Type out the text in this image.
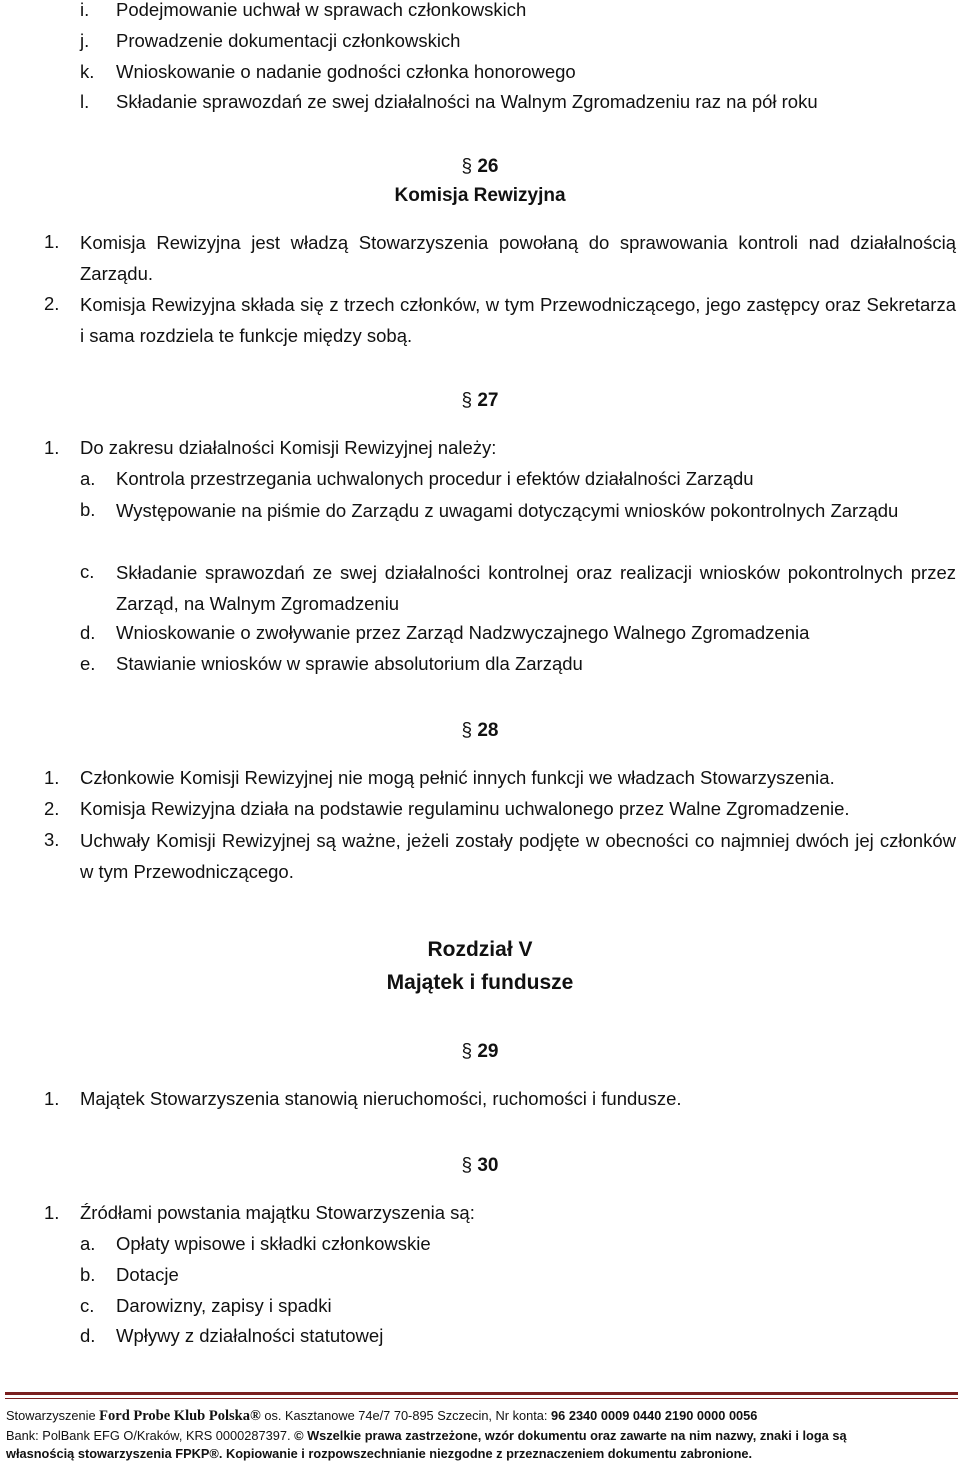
i. Podejmowanie uchwał w sprawach członkowskich
j. Prowadzenie dokumentacji członkowskich
k. Wnioskowanie o nadanie godności członka honorowego
l. Składanie sprawozdań ze swej działalności na Walnym Zgromadzeniu raz na pół roku
§ 26
Komisja Rewizyjna
1. Komisja Rewizyjna jest władzą Stowarzyszenia powołaną do sprawowania kontroli nad działalnością Zarządu.
2. Komisja Rewizyjna składa się z trzech członków, w tym Przewodniczącego, jego zastępcy oraz Sekretarza i sama rozdziela te funkcje między sobą.
§ 27
1. Do zakresu działalności Komisji Rewizyjnej należy:
a. Kontrola przestrzegania uchwalonych procedur i efektów działalności Zarządu
b. Występowanie na piśmie do Zarządu z uwagami dotyczącymi wniosków pokontrolnych Zarządu
c. Składanie sprawozdań ze swej działalności kontrolnej oraz realizacji wniosków pokontrolnych przez Zarząd, na Walnym Zgromadzeniu
d. Wnioskowanie o zwoływanie przez Zarząd Nadzwyczajnego Walnego Zgromadzenia
e. Stawianie wniosków w sprawie absolutorium dla Zarządu
§ 28
1. Członkowie Komisji Rewizyjnej nie mogą pełnić innych funkcji we władzach Stowarzyszenia.
2. Komisja Rewizyjna działa na podstawie regulaminu uchwalonego przez Walne Zgromadzenie.
3. Uchwały Komisji Rewizyjnej są ważne, jeżeli zostały podjęte w obecności co najmniej dwóch jej członków w tym Przewodniczącego.
Rozdział V
Majątek i fundusze
§ 29
1. Majątek Stowarzyszenia stanowią nieruchomości, ruchomości i fundusze.
§ 30
1. Źródłami powstania majątku Stowarzyszenia są:
a. Opłaty wpisowe i składki członkowskie
b. Dotacje
c. Darowizny, zapisy i spadki
d. Wpływy z działalności statutowej
Stowarzyszenie Ford Probe Klub Polska® os. Kasztanowe 74e/7 70-895 Szczecin, Nr konta: 96 2340 0009 0440 2190 0000 0056
Bank: PolBank EFG O/Kraków, KRS 0000287397. © Wszelkie prawa zastrzeżone, wzór dokumentu oraz zawarte na nim nazwy, znaki i loga są
własnością stowarzyszenia FPKP®. Kopiowanie i rozpowszechnianie niezgodne z przeznaczeniem dokumentu zabronione.
